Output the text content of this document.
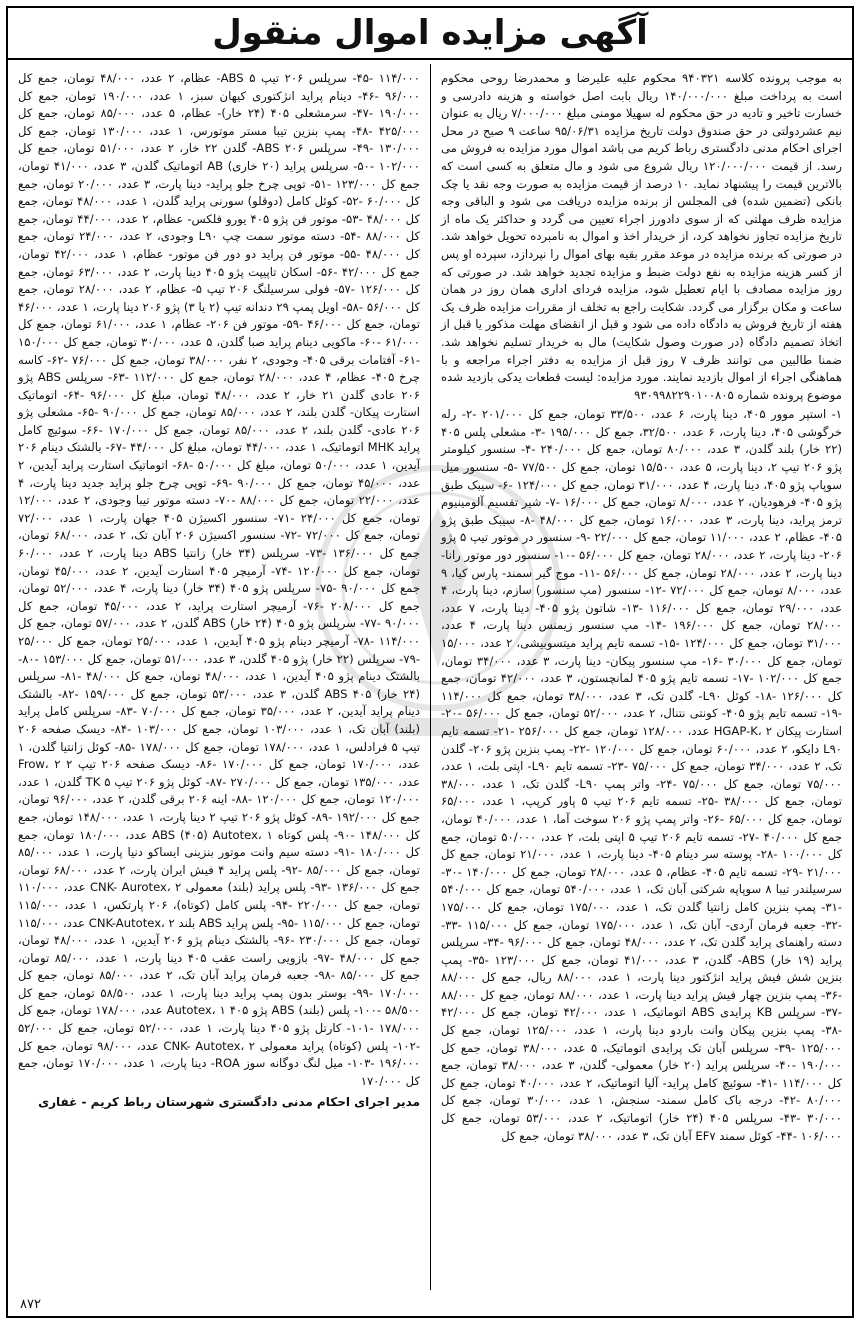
آگهی مزایده اموال منقول

به موجب پرونده کلاسه ۹۴۰۳۲۱ محکوم علیه علیرضا و محمدرضا روحی محکوم است به پرداخت مبلغ ۱۴۰/۰۰۰/۰۰۰ ریال بابت اصل خواسته و هزینه دادرسی و خسارت تاخیر و تادیه در حق محکوم له سهیلا مومنی مبلغ ۷/۰۰۰/۰۰۰ ریال به عنوان نیم عشردولتی در حق صندوق دولت تاریخ مزایده ۹۵/۰۶/۳۱ ساعت ۹ صبح در محل اجرای احکام مدنی دادگستری رباط کریم می باشد اموال مورد مزایده به فروش می رسد. از قیمت ۱۲۰/۰۰۰/۰۰۰ ریال شروع می شود و مال متعلق به کسی است که بالاترین قیمت را پیشنهاد نماید. ۱۰ درصد از قیمت مزایده به صورت وجه نقد یا چک بانکی (تضمین شده) فی المجلس از برنده مزایده دریافت می شود و الباقی وجه مزایده ظرف مهلتی که از سوی دادورز اجراء تعیین می گردد و حداکثر یک ماه از تاریخ مزایده تجاوز نخواهد کرد، از خریدار اخذ و اموال به نامبرده تحویل خواهد شد. در صورتی که برنده مزایده در موعد مقرر بقیه بهای اموال را نپردازد، سپرده او پس از کسر هزینه مزایده به نفع دولت ضبط و مزایده تجدید خواهد شد. در صورتی که روز مزایده مصادف با ایام تعطیل شود، مزایده فردای اداری همان روز در همان ساعت و مکان برگزار می گردد. شکایت راجع به تخلف از مقررات مزایده ظرف یک هفته از تاریخ فروش به دادگاه داده می شود و قبل از انقضای مهلت مذکور یا قبل از اتخاذ تصمیم دادگاه (در صورت وصول شکایت) مال به خریدار تسلیم نخواهد شد. ضمنا طالبین می توانند ظرف ۷ روز قبل از مزایده به دفتر اجراء مراجعه و با هماهنگی اجراء از اموال بازدید نمایند. مورد مزایده: لیست قطعات یدکی بازدید شده موضوع پرونده شماره ۹۳۰۹۹۸۲۲۹۰۱۰۰۸۰۵

۱- استپر موور ۴۰۵، دینا پارت، ۶ عدد، ۳۳/۵۰۰ تومان، جمع کل ۲۰۱/۰۰۰ -۲- رله خرگوشی ۴۰۵، دینا پارت، ۶ عدد، ۳۲/۵۰۰، جمع کل ۱۹۵/۰۰۰ -۳- مشعلی پلس ۴۰۵ (۲۲ خار) بلند گلدن، ۳ عدد، ۸۰/۰۰۰ تومان، جمع کل ۲۴۰/۰۰۰ -۴- سنسور کیلومتر پژو ۲۰۶ تیپ ۲، دینا پارت، ۵ عدد، ۱۵/۵۰۰ تومان، جمع کل ۷۷/۵۰۰ -۵- سنسور میل سوپاپ پژو ۴۰۵، دینا پارت، ۴ عدد، ۳۱/۰۰۰ تومان، جمع کل ۱۲۴/۰۰۰ -۶- سیبک طبق پژو ۴۰۵- فرهودیان، ۲ عدد، ۸/۰۰۰ تومان، جمع کل ۱۶/۰۰۰ -۷- شیر تقسیم آلومینیوم ترمز پراید، دینا پارت، ۳ عدد، ۱۶/۰۰۰ تومان، جمع کل ۴۸/۰۰۰ -۸- سیبک طبق پژو ۴۰۵- عظام، ۲ عدد، ۱۱/۰۰۰ تومان، جمع کل ۲۲/۰۰۰ -۹- سنسور در موتور تیپ ۵ پژو ۲۰۶- دینا پارت، ۲ عدد، ۲۸/۰۰۰ تومان، جمع کل ۵۶/۰۰۰ -۱۰- سنسور دور موتور رانا- دینا پارت، ۲ عدد، ۲۸/۰۰۰ تومان، جمع کل ۵۶/۰۰۰ -۱۱- موج گیر سمند- پارس کیا، ۹ عدد، ۸/۰۰۰ تومان، جمع کل ۷۲/۰۰۰ -۱۲- سنسور (مپ سنسور) سازم، دینا پارت، ۴ عدد، ۲۹/۰۰۰ تومان، جمع کل ۱۱۶/۰۰۰ -۱۳- شاتون پژو ۴۰۵- دینا پارت، ۷ عدد، ۲۸/۰۰۰ تومان، جمع کل ۱۹۶/۰۰۰ -۱۴- مپ سنسور زیمنس دینا پارت، ۴ عدد، ۳۱/۰۰۰ تومان، جمع کل ۱۲۴/۰۰۰ -۱۵- تسمه تایم پراید میتسوبیشی، ۲ عدد، ۱۵/۰۰۰ تومان، جمع کل ۳۰/۰۰۰ -۱۶- مپ سنسور پیکان- دینا پارت، ۳ عدد، ۳۴/۰۰۰ تومان، جمع کل ۱۰۲/۰۰۰ -۱۷- تسمه تایم پژو ۴۰۵ لمانچستون، ۳ عدد، ۴۲/۰۰۰ تومان، جمع کل ۱۲۶/۰۰۰ -۱۸- کوئل L۹۰- گلدن تک، ۳ عدد، ۳۸/۰۰۰ تومان، جمع کل ۱۱۴/۰۰۰ -۱۹- تسمه تایم پژو ۴۰۵- کونتی نتنال، ۲ عدد، ۵۲/۰۰۰ تومان، جمع کل ۵۶/۰۰۰ -۲۰- استارت پیکان HGAP-K، ۲ عدد، ۱۲۸/۰۰۰ تومان، جمع کل ۲۵۶/۰۰۰ -۲۱- تسمه تایم L۹۰ دایکو، ۲ عدد، ۶۰/۰۰۰ تومان، جمع کل ۱۲۰/۰۰۰ -۲۲- پمپ بنزین پژو ۲۰۶- گلدن تک، ۲ عدد، ۳۴/۰۰۰ تومان، جمع کل ۷۵/۰۰۰ -۲۳- تسمه تایم L۹۰- اپتی بلت، ۱ عدد، ۷۵/۰۰۰ تومان، جمع کل ۷۵/۰۰۰ -۲۴- واتر پمپ L۹۰- گلدن تک، ۱ عدد، ۳۸/۰۰۰ تومان، جمع کل ۳۸/۰۰۰ -۲۵- تسمه تایم ۲۰۶ تیپ ۵ پاور کرپپ، ۱ عدد، ۶۵/۰۰۰ تومان، جمع کل ۶۵/۰۰۰ -۲۶- واتر پمپ پژو ۲۰۶ سوخت آما، ۱ عدد، ۴۰/۰۰۰ تومان، جمع کل ۴۰/۰۰۰ -۲۷- تسمه تایم ۲۰۶ تیپ ۵ اپتی بلت، ۲ عدد، ۵۰/۰۰۰ تومان، جمع کل ۱۰۰/۰۰۰ -۲۸- پوسته سر دینام ۴۰۵- دینا پارت، ۱ عدد، ۲۱/۰۰۰ تومان، جمع کل ۲۱/۰۰۰ -۲۹- تسمه تایم ۴۰۵- عظام، ۵ عدد، ۲۸/۰۰۰ تومان، جمع کل ۱۴۰/۰۰۰ -۳۰- سرسیلندر تیبا ۸ سوپاپه شرکتی آبان تک، ۱ عدد، ۵۴۰/۰۰۰ تومان، جمع کل ۵۴۰/۰۰۰ -۳۱- پمپ بنزین کامل زانتیا گلدن تک، ۱ عدد، ۱۷۵/۰۰۰ تومان، جمع کل ۱۷۵/۰۰۰ -۳۲- جعبه فرمان آردی- آبان تک، ۱ عدد، ۱۷۵/۰۰۰ تومان، جمع کل ۱۱۵/۰۰۰ -۳۳- دسته راهنمای پراید گلدن تک، ۲ عدد، ۴۸/۰۰۰ تومان، جمع کل ۹۶/۰۰۰ -۳۴- سرپلس پراید (۱۹ خار) ABS- گلدن، ۳ عدد، ۴۱/۰۰۰ تومان، جمع کل ۱۲۳/۰۰۰ -۳۵- پمپ بنزین شش فیش پراید انژکتور دینا پارت، ۱ عدد، ۸۸/۰۰۰ ریال، جمع کل ۸۸/۰۰۰ -۳۶- پمپ بنزین چهار فیش پراید دینا پارت، ۱ عدد، ۸۸/۰۰۰ تومان، جمع کل ۸۸/۰۰۰ -۳۷- سرپلس KB پرایدی ABS اتوماتیک، ۱ عدد، ۴۲/۰۰۰ تومان، جمع کل ۴۲/۰۰۰ -۳۸- پمپ بنزین پیکان وانت باردو دینا پارت، ۱ عدد، ۱۲۵/۰۰۰ تومان، جمع کل ۱۲۵/۰۰۰ -۳۹- سرپلس آبان تک پرایدی اتوماتیک، ۵ عدد، ۳۸/۰۰۰ تومان، جمع کل ۱۹۰/۰۰۰ -۴۰- سرپلس پراید (۲۰ خار) معمولی- گلدن، ۳ عدد، ۳۸/۰۰۰ تومان، جمع کل ۱۱۴/۰۰۰ -۴۱- سوئیچ کامل پراید- آلیا اتوماتیک، ۲ عدد، ۴۰/۰۰۰ تومان، جمع کل ۸۰/۰۰۰ -۴۲- درجه باک کامل سمند- سنجش، ۱ عدد، ۳۰/۰۰۰ تومان، جمع کل ۳۰/۰۰۰ -۴۳- سرپلس ۴۰۵ (۲۴ خار) اتوماتیک، ۲ عدد، ۵۳/۰۰۰ تومان، جمع کل ۱۰۶/۰۰۰ -۴۴- کوئل سمند EF۷ آبان تک، ۳ عدد، ۳۸/۰۰۰ تومان، جمع کل

۱۱۴/۰۰۰ -۴۵- سرپلس ۲۰۶ تیپ ۵ ABS- عظام، ۲ عدد، ۴۸/۰۰۰ تومان، جمع کل ۹۶/۰۰۰ -۴۶- دینام پراید انژکتوری کیهان سبز، ۱ عدد، ۱۹۰/۰۰۰ تومان، جمع کل ۱۹۰/۰۰۰ -۴۷- سرمشعلی ۴۰۵ (۲۴ خار)- عظام، ۵ عدد، ۸۵/۰۰۰ تومان، جمع کل ۴۲۵/۰۰۰ -۴۸- پمپ بنزین تیبا مستر موتورس، ۱ عدد، ۱۳۰/۰۰۰ تومان، جمع کل ۱۳۰/۰۰۰ -۴۹- سرپلس ۲۰۶ ABS- گلدن ۲۲ خار، ۲ عدد، ۵۱/۰۰۰ تومان، جمع کل ۱۰۲/۰۰۰ -۵۰- سرپلس پراید (۲۰ خاری) AB اتوماتیک گلدن، ۳ عدد، ۴۱/۰۰۰ تومان، جمع کل ۱۲۳/۰۰۰ -۵۱- توپی چرخ جلو پراید- دینا پارت، ۳ عدد، ۲۰/۰۰۰ تومان، جمع کل ۶۰/۰۰۰ -۵۲- کوئل کامل (دوقلو) سورنی پراید گلدن، ۱ عدد، ۴۸/۰۰۰ تومان، جمع کل ۴۸/۰۰۰ -۵۳- موتور فن پژو ۴۰۵ یورو فلکس- عظام، ۲ عدد، ۴۴/۰۰۰ تومان، جمع کل ۸۸/۰۰۰ -۵۴- دسته موتور سمت چپ L۹۰ وجودی، ۲ عدد، ۲۴/۰۰۰ تومان، جمع کل ۴۸/۰۰۰ -۵۵- موتور فن پراید دو دور فن موتور- عظام، ۱ عدد، ۴۲/۰۰۰ تومان، جمع کل ۴۲/۰۰۰ -۵۶- اسکان تاپیپت پژو ۴۰۵ دینا پارت، ۲ عدد، ۶۳/۰۰۰ تومان، جمع کل ۱۲۶/۰۰۰ -۵۷- فولی سرسیلنگ ۲۰۶ تیپ ۵- عظام، ۲ عدد، ۲۸/۰۰۰ تومان، جمع کل ۵۶/۰۰۰ -۵۸- اویل پمپ ۲۹ دندانه تیپ (۲ یا ۳) پژو ۲۰۶ دینا پارت، ۱ عدد، ۴۶/۰۰۰ تومان، جمع کل ۴۶/۰۰۰ -۵۹- موتور فن ۲۰۶- عظام، ۱ عدد، ۶۱/۰۰۰ تومان، جمع کل ۶۱/۰۰۰ -۶۰- ماکویی دینام پراید صبا گلدن، ۵ عدد، ۳۰/۰۰۰ تومان، جمع کل ۱۵۰/۰۰۰ -۶۱- آفتامات برقی ۴۰۵- وجودی، ۲ نفر، ۳۸/۰۰۰ تومان، جمع کل ۷۶/۰۰۰ -۶۲- کاسه چرخ ۴۰۵- عظام، ۴ عدد، ۲۸/۰۰۰ تومان، جمع کل ۱۱۲/۰۰۰ -۶۳- سرپلس ABS پژو ۲۰۶ عادی گلدن ۲۱ خار، ۲ عدد، ۴۸/۰۰۰ تومان، مبلغ کل ۹۶/۰۰۰ -۶۴- اتوماتیک استارت پیکان- گلدن بلند، ۲ عدد، ۸۵/۰۰۰ تومان، جمع کل ۹۰/۰۰۰ -۶۵- مشعلی پژو ۲۰۶ عادی- گلدن بلند، ۲ عدد، ۸۵/۰۰۰ تومان، جمع کل ۱۷۰/۰۰۰ -۶۶- سوئیچ کامل پراید MHK اتوماتیک، ۱ عدد، ۴۴/۰۰۰ تومان، مبلغ کل ۴۴/۰۰۰ -۶۷- بالشتک دینام ۲۰۶ آیدین، ۱ عدد، ۵۰/۰۰۰ تومان، مبلغ کل ۵۰/۰۰۰ -۶۸- اتوماتیک استارت پراید آیدین، ۲ عدد، ۴۵/۰۰۰ تومان، جمع کل ۹۰/۰۰۰ -۶۹- توپی چرخ جلو پراید جدید دینا پارت، ۴ عدد، ۲۲/۰۰۰ تومان، جمع کل ۸۸/۰۰۰ -۷۰- دسته موتور تیبا وجودی، ۲ عدد، ۱۲/۰۰۰ تومان، جمع کل ۲۴/۰۰۰ -۷۱- سنسور اکسیژن ۴۰۵ جهان پارت، ۱ عدد، ۷۲/۰۰۰ تومان، جمع کل ۷۲/۰۰۰ -۷۲- سنسور اکسیژن ۲۰۶ آبان تک، ۲ عدد، ۶۸/۰۰۰ تومان، جمع کل ۱۳۶/۰۰۰ -۷۳- سرپلس (۳۴ خار) زانتیا ABS دینا پارت، ۲ عدد، ۶۰/۰۰۰ تومان، جمع کل ۱۲۰/۰۰۰ -۷۴- آرمیچر ۴۰۵ استارت آیدین، ۲ عدد، ۴۵/۰۰۰ تومان، جمع کل ۹۰/۰۰۰ -۷۵- سرپلس پژو ۴۰۵ (۳۴ خار) دینا پارت، ۴ عدد، ۵۲/۰۰۰ تومان، جمع کل ۲۰۸/۰۰۰ -۷۶- آرمیچر استارت پراید، ۲ عدد، ۴۵/۰۰۰ تومان، جمع کل ۹۰/۰۰۰ -۷۷- سرپلس پژو ۴۰۵ (۲۴ خار) ABS گلدن، ۲ عدد، ۵۷/۰۰۰ تومان، جمع کل ۱۱۴/۰۰۰ -۷۸- آرمیچر دینام پژو ۴۰۵ آیدین، ۱ عدد، ۲۵/۰۰۰ تومان، جمع کل ۲۵/۰۰۰ -۷۹- سرپلس (۲۲ خار) پژو ۴۰۵ گلدن، ۳ عدد، ۵۱/۰۰۰ تومان، جمع کل ۱۵۳/۰۰۰ -۸۰- بالشتک دینام پژو ۴۰۵ آیدین، ۱ عدد، ۴۸/۰۰۰ تومان، جمع کل ۴۸/۰۰۰ -۸۱- سرپلس (۲۴ خار) ABS ۴۰۵ گلدن، ۳ عدد، ۵۳/۰۰۰ تومان، جمع کل ۱۵۹/۰۰۰ -۸۲- بالشتک دینام پراید آیدین، ۲ عدد، ۳۵/۰۰۰ تومان، جمع کل ۷۰/۰۰۰ -۸۳- سرپلس کامل پراید (بلند) آبان تک، ۱ عدد، ۱۰۳/۰۰۰ تومان، جمع کل ۱۰۳/۰۰۰ -۸۴- دیسک صفحه ۲۰۶ تیپ ۵ فرادلس، ۱ عدد، ۱۷۸/۰۰۰ تومان، جمع کل ۱۷۸/۰۰۰ -۸۵- کوئل زانتیا گلدن، ۱ عدد، ۱۷۰/۰۰۰ تومان، جمع کل ۱۷۰/۰۰۰ -۸۶- دیسک صفحه ۲۰۶ تیپ ۲ Frow، ۲ عدد، ۱۳۵/۰۰۰ تومان، جمع کل ۲۷۰/۰۰۰ -۸۷- کوئل پژو ۲۰۶ تیپ TK ۵ گلدن، ۱ عدد، ۱۲۰/۰۰۰ تومان، جمع کل ۱۲۰/۰۰۰ -۸۸- اینه ۲۰۶ برقی گلدن، ۲ عدد، ۹۶/۰۰۰ تومان، جمع کل ۱۹۲/۰۰۰ -۸۹- کوئل پژو ۲۰۶ تیپ ۲ دینا پارت، ۱ عدد، ۱۴۸/۰۰۰ تومان، جمع کل ۱۴۸/۰۰۰ -۹۰- پلس کوتاه ABS (۴۰۵) Autotex، ۱ عدد، ۱۸۰/۰۰۰ تومان، جمع کل ۱۸۰/۰۰۰ -۹۱- دسته سیم وانت موتور بنزینی ایساکو دنیا پارت، ۱ عدد، ۸۵/۰۰۰ تومان، جمع کل ۸۵/۰۰۰ -۹۲- پلس پراید ۴ فیش ایران پارت، ۲ عدد، ۶۸/۰۰۰ تومان، جمع کل ۱۳۶/۰۰۰ -۹۳- پلس پراید (بلند) معمولی CNK- Aurotex، ۲ عدد، ۱۱۰/۰۰۰ تومان، جمع کل ۲۲۰/۰۰۰ -۹۴- پلس کامل (کوتاه)، ۲۰۶ پارتکس، ۱ عدد، ۱۱۵/۰۰۰ تومان، جمع کل ۱۱۵/۰۰۰ -۹۵- پلس پراید ABS بلند CNK-Autotex، ۲ عدد، ۱۱۵/۰۰۰ تومان، جمع کل ۲۳۰/۰۰۰ -۹۶- بالشتک دینام پژو ۲۰۶ آیدین، ۱ عدد، ۴۸/۰۰۰ تومان، جمع کل ۴۸/۰۰۰ -۹۷- بازویی راست عقب ۴۰۵ دینا پارت، ۱ عدد، ۸۵/۰۰۰ تومان، جمع کل ۸۵/۰۰۰ -۹۸- جعبه فرمان پراید آبان تک، ۲ عدد، ۸۵/۰۰۰ تومان، جمع کل ۱۷۰/۰۰۰ -۹۹- بوستر بدون پمپ پراید دینا پارت، ۱ عدد، ۵۸/۵۰۰ تومان، جمع کل ۵۸/۵۰۰ -۱۰۰- پلس (بلند) ABS پژو ۴۰۵ Autotex، ۱ عدد، ۱۷۸/۰۰۰ تومان، جمع کل ۱۷۸/۰۰۰ -۱۰۱- کارتل پژو ۴۰۵ دینا پارت، ۱ عدد، ۵۲/۰۰۰ تومان، جمع کل ۵۲/۰۰۰ -۱۰۲- پلس (کوتاه) پراید معمولی CNK- Autotex، ۲ عدد، ۹۸/۰۰۰ تومان، جمع کل ۱۹۶/۰۰۰ -۱۰۳- میل لنگ دوگانه سوز ROA- دینا پارت، ۱ عدد، ۱۷۰/۰۰۰ تومان، جمع کل ۱۷۰/۰۰۰

مدیر اجرای احکام مدنی دادگستری شهرستان رباط کریم - غفاری

۸۷۲
